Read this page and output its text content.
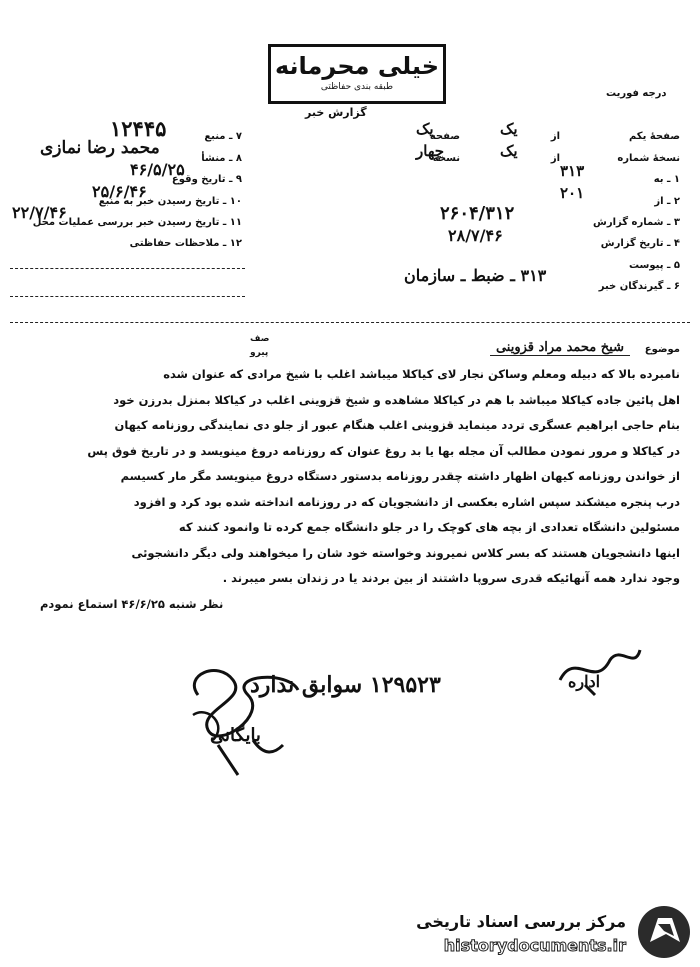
خیلی محرمانه
طبقه بندی حفاظتی
درجه فوریت
گزارش خبر
۷ ـ منبع
۱۲۴۴۵
۸ ـ منشأ
محمد رضا نمازی
۹ ـ تاریخ وقوع
۴۶/۵/۲۵
۱۰ ـ تاریخ رسیدن خبر به منبع
۲۵/۶/۴۶
۱۱ ـ تاریخ رسیدن خبر بررسی عملیات محل
۲۲/۷/۴۶
۱۲ ـ ملاحظات حفاظتی
صفحهٔ یکم
از
صفحه	یک
یک
نسخهٔ شماره
از
نسخه	یک
چهار
۱ ـ به
۳۱۳
۲ ـ از
۲۰۱
۳ ـ شماره گزارش
۲۶۰۴/۳۱۲
۴ ـ تاریخ گزارش
۲۸/۷/۴۶
۵ ـ پیوست
۶ ـ گیرندگان خبر
۳۱۳ ـ ضبط ـ سازمان
موضوع
شیخ محمد مراد قزوینی
صف
پیرو

نامبرده بالا که دبیله ومعلم وساکن نجار لای کیاکلا میباشد اغلب با شیخ مرادی که عنوان شده

اهل پائین جاده کیاکلا میباشد با هم در کیاکلا مشاهده و شیخ قزوینی اغلب در کیاکلا بمنزل بدرزن خود

بنام حاجی ابراهیم عسگری تردد مینماید قزوینی اغلب هنگام عبور از جلو دی نمایندگی روزنامه کیهان

در کیاکلا و مرور نمودن مطالب آن مجله بها یا بد روغ عنوان که روزنامه دروغ مینویسد و در تاریخ فوق پس

از خواندن روزنامه کیهان اظهار داشته چقدر روزنامه بدستور دستگاه دروغ مینویسد مگر مار کسیسم

درب پنجره میشکند سپس اشاره بعکسی از دانشجویان که در روزنامه انداخته شده بود کرد و افزود

مسئولین دانشگاه تعدادی از بچه های کوچک را در جلو دانشگاه جمع کرده تا وانمود کنند که

اینها دانشجویان هستند که بسر کلاس نمیروند وخواسته خود شان را میخواهند ولی دیگر دانشجوئی

وجود ندارد همه آنهائیکه قدری سروپا داشتند از بین بردند یا در زندان بسر میبرند .

نظر شنبه ۴۶/۶/۲۵ استماع نمودم

۱۲۹۵۲۳ سوابق ندارد
بایگانی
اداره
مرکز بررسی اسناد تاریخی
historydocuments.ir
